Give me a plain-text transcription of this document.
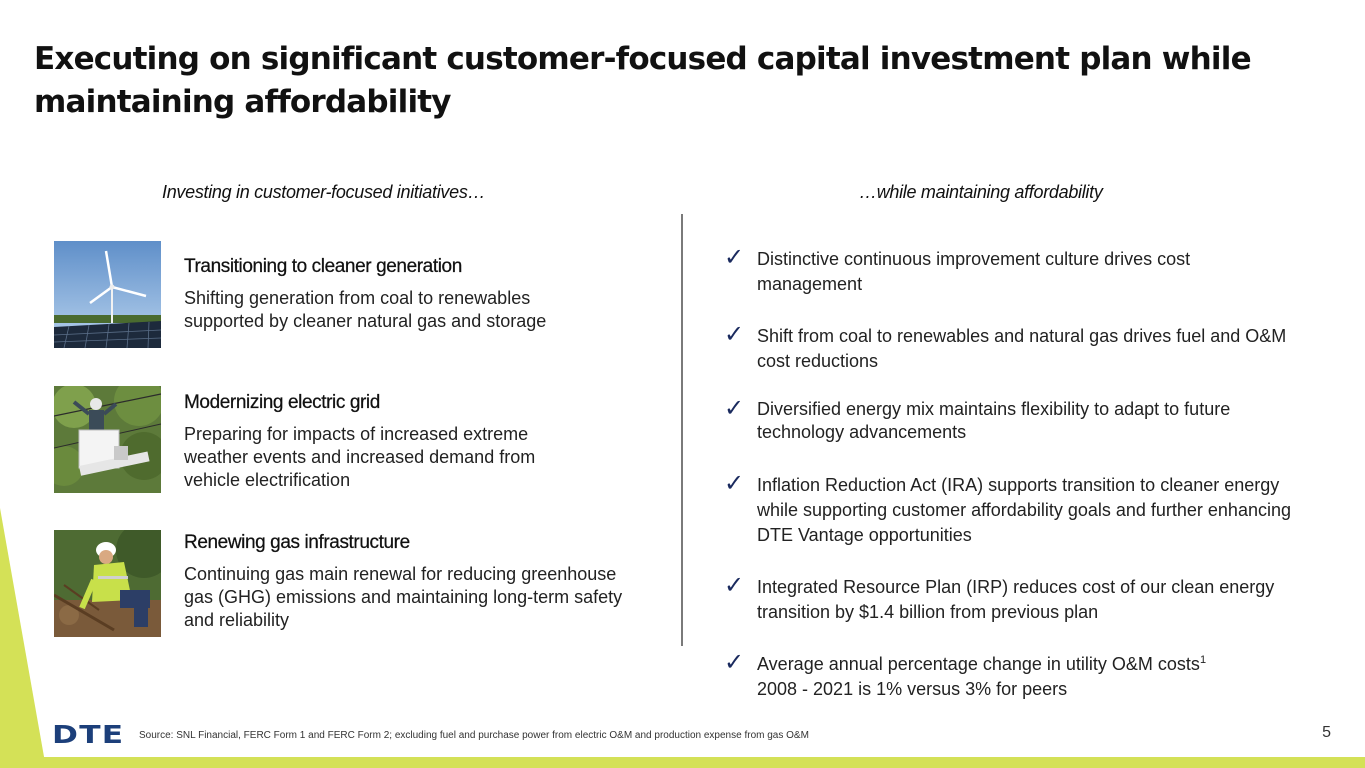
Executing on significant customer-focused capital investment plan while maintaining affordability
Investing in customer-focused initiatives…	…while maintaining affordability
Transitioning to cleaner generation

Shifting generation from coal to renewables supported by cleaner natural gas and storage

Modernizing electric grid

Preparing for impacts of increased extreme weather events and increased demand from vehicle electrification

Renewing gas infrastructure

Continuing gas main renewal for reducing greenhouse gas (GHG) emissions and maintaining long-term safety and reliability

✓ Distinctive continuous improvement culture drives cost management
✓ Shift from coal to renewables and natural gas drives fuel and O&M cost reductions
✓ Diversified energy mix maintains flexibility to adapt to future technology advancements
✓ Inflation Reduction Act (IRA) supports transition to cleaner energy while supporting customer affordability goals and further enhancing DTE Vantage opportunities
✓ Integrated Resource Plan (IRP) reduces cost of our clean energy transition by $1.4 billion from previous plan
✓ Average annual percentage change in utility O&M costs$^1$
2008 - 2021 is 1% versus 3% for peers
DTE Source: SNL Financial, FERC Form 1 and FERC Form 2; excluding fuel and purchase power from electric O&M and production expense from gas O&M	5
